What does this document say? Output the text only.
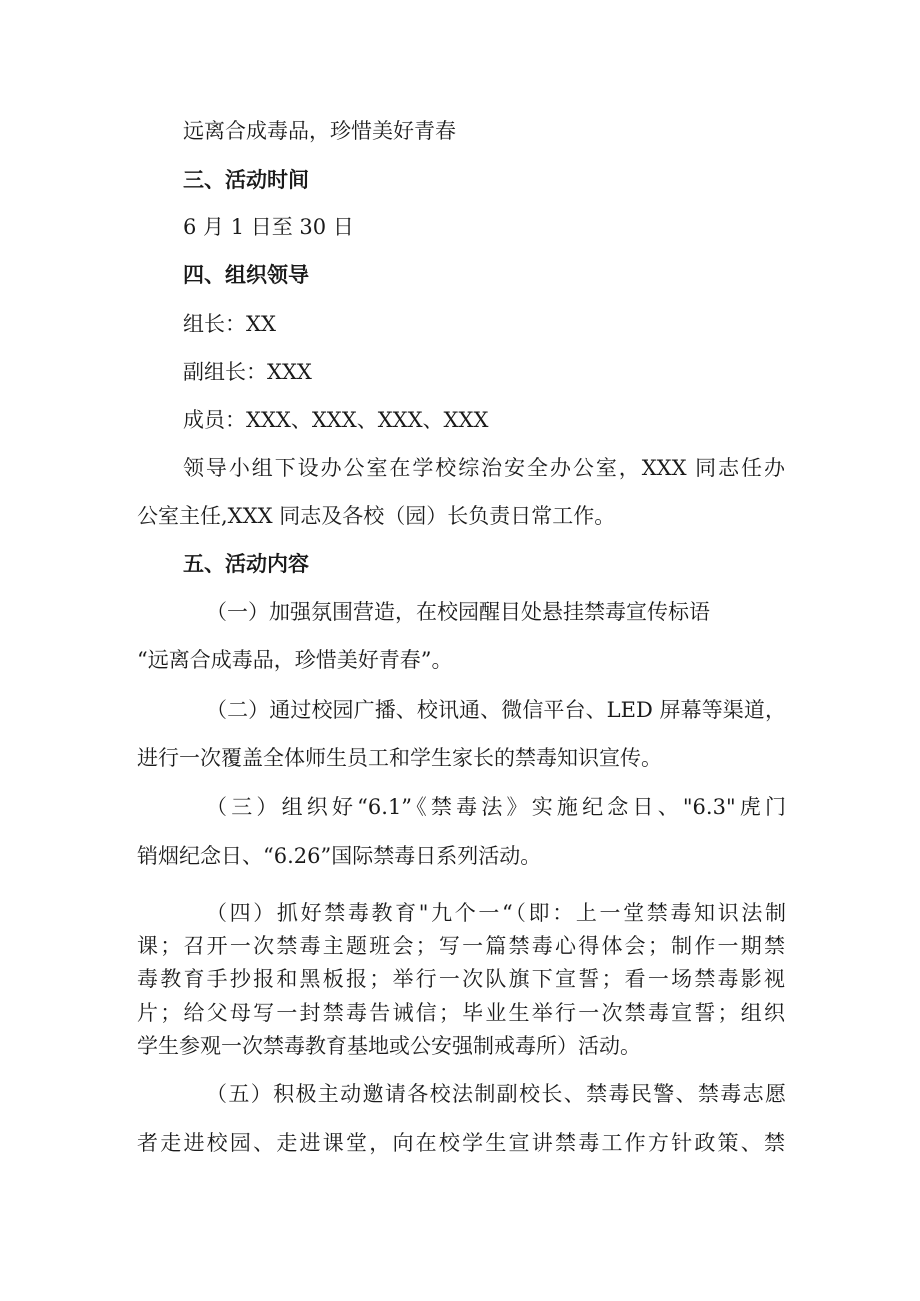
远离合成毒品，珍惜美好青春
三、活动时间
6 月 1 日至 30 日
四、组织领导
组长：XX
副组长：XXX
成员：XXX、XXX、XXX、XXX
领导小组下设办公室在学校综治安全办公室，XXX 同志任办
公室主任,XXX 同志及各校（园）长负责日常工作。
五、活动内容
（一）加强氛围营造，在校园醒目处悬挂禁毒宣传标语
“远离合成毒品，珍惜美好青春”。
（二）通过校园广播、校讯通、微信平台、LED 屏幕等渠道，
进行一次覆盖全体师生员工和学生家长的禁毒知识宣传。
（三）组织好“6.1”《禁毒法》实施纪念日、"6.3"虎门
销烟纪念日、“6.26”国际禁毒日系列活动。
（四）抓好禁毒教育"九个一“（即：上一堂禁毒知识法制
课；召开一次禁毒主题班会；写一篇禁毒心得体会；制作一期禁
毒教育手抄报和黑板报；举行一次队旗下宣誓；看一场禁毒影视
片；给父母写一封禁毒告诫信；毕业生举行一次禁毒宣誓；组织
学生参观一次禁毒教育基地或公安强制戒毒所）活动。
（五）积极主动邀请各校法制副校长、禁毒民警、禁毒志愿
者走进校园、走进课堂，向在校学生宣讲禁毒工作方针政策、禁
